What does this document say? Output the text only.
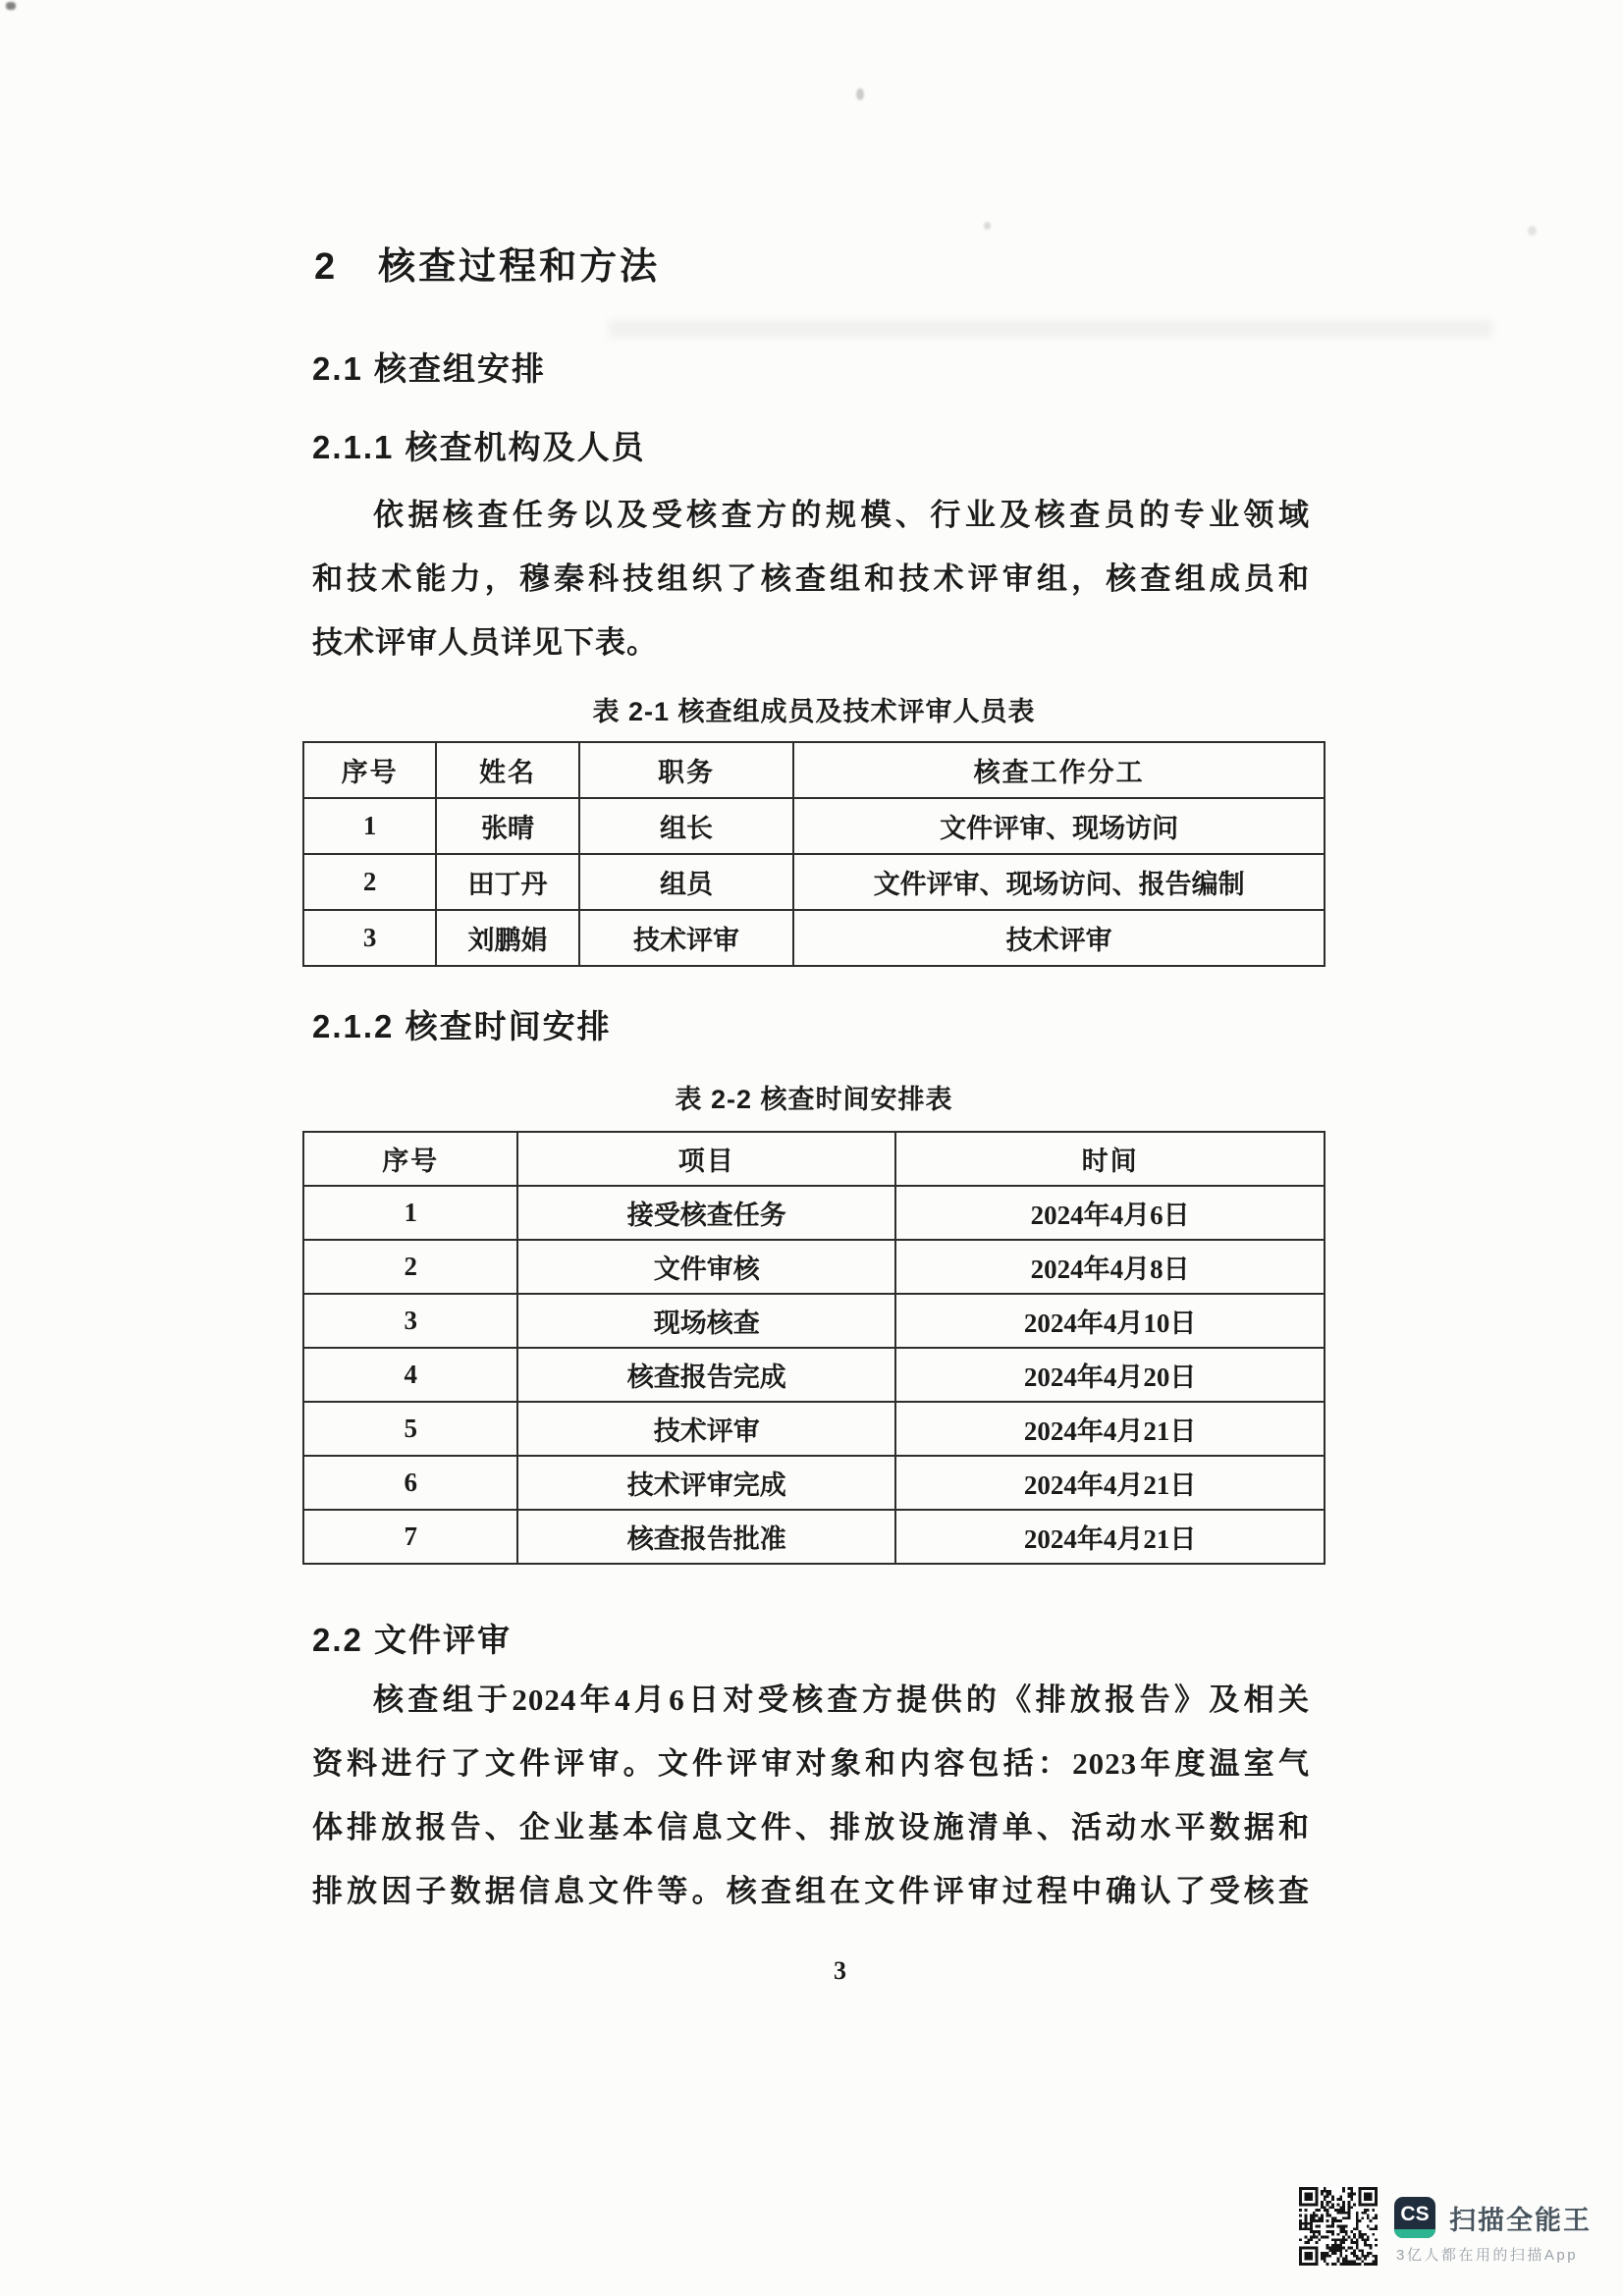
2　核查过程和方法
2.1 核查组安排
2.1.1 核查机构及人员
依据核查任务以及受核查方的规模、行业及核查员的专业领域
和技术能力，穆秦科技组织了核查组和技术评审组，核查组成员和
技术评审人员详见下表。
表 2-1 核查组成员及技术评审人员表
序号	姓名	职务	核查工作分工
1	张晴	组长	文件评审、现场访问
2	田丁丹	组员	文件评审、现场访问、报告编制
3	刘鹏娟	技术评审	技术评审
2.1.2 核查时间安排
表 2-2 核查时间安排表
序号	项目	时间
1	接受核查任务	2024年4月6日
2	文件审核	2024年4月8日
3	现场核查	2024年4月10日
4	核查报告完成	2024年4月20日
5	技术评审	2024年4月21日
6	技术评审完成	2024年4月21日
7	核查报告批准	2024年4月21日
2.2 文件评审
核查组于2024年4月6日对受核查方提供的《排放报告》及相关
资料进行了文件评审。文件评审对象和内容包括：2023年度温室气
体排放报告、企业基本信息文件、排放设施清单、活动水平数据和
排放因子数据信息文件等。核查组在文件评审过程中确认了受核查
3
CS 扫描全能王
3亿人都在用的扫描App
